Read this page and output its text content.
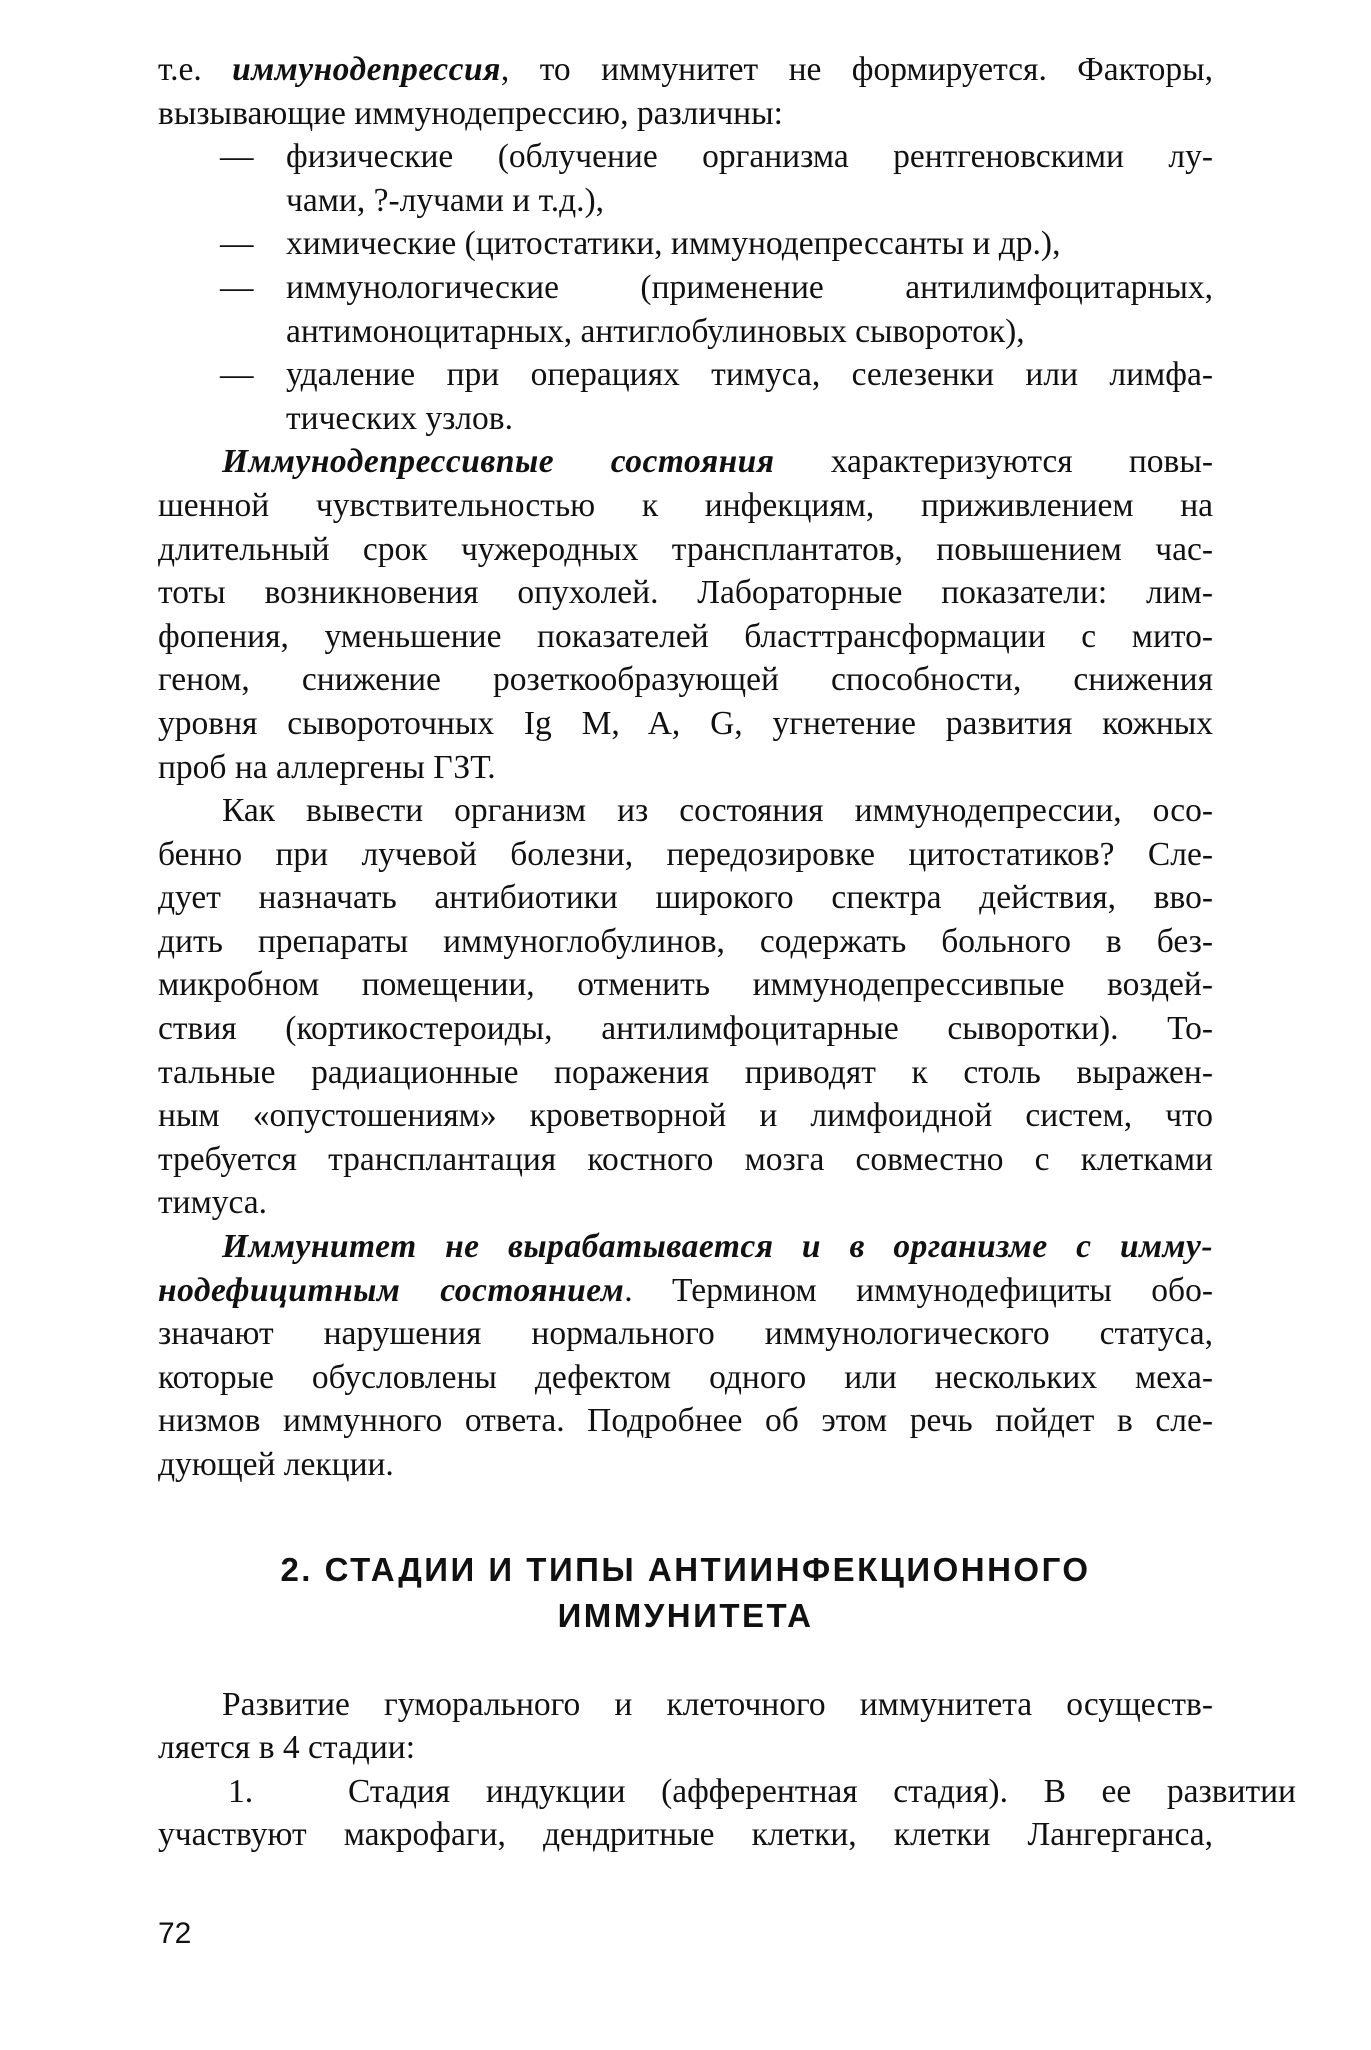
т.е. иммунодепрессия, то иммунитет не формируется. Факторы,
вызывающие иммунодепрессию, различны:
— физические (облучение организма рентгеновскими лу-
чами, ?-лучами и т.д.),
— химические (цитостатики, иммунодепрессанты и др.),
— иммунологические (применение антилимфоцитарных,
антимоноцитарных, антиглобулиновых сывороток),
— удаление при операциях тимуса, селезенки или лимфа-
тических узлов.
Иммунодепрессивпые состояния характеризуются повы-
шенной чувствительностью к инфекциям, приживлением на
длительный срок чужеродных трансплантатов, повышением час-
тоты возникновения опухолей. Лабораторные показатели: лим-
фопения, уменьшение показателей бласттрансформации с мито-
геном, снижение розеткообразующей способности, снижения
уровня сывороточных Ig M, A, G, угнетение развития кожных
проб на аллергены ГЗТ.
Как вывести организм из состояния иммунодепрессии, осо-
бенно при лучевой болезни, передозировке цитостатиков? Сле-
дует назначать антибиотики широкого спектра действия, вво-
дить препараты иммуноглобулинов, содержать больного в без-
микробном помещении, отменить иммунодепрессивпые воздей-
ствия (кортикостероиды, антилимфоцитарные сыворотки). То-
тальные радиационные поражения приводят к столь выражен-
ным «опустошениям» кроветворной и лимфоидной систем, что
требуется трансплантация костного мозга совместно с клетками
тимуса.
Иммунитет не вырабатывается и в организме с имму-
нодефицитным состоянием. Термином иммунодефициты обо-
значают нарушения нормального иммунологического статуса,
которые обусловлены дефектом одного или нескольких меха-
низмов иммунного ответа. Подробнее об этом речь пойдет в сле-
дующей лекции.
2. СТАДИИ И ТИПЫ АНТИИНФЕКЦИОННОГО
ИММУНИТЕТА
Развитие гуморального и клеточного иммунитета осуществ-
ляется в 4 стадии:
1.	Стадия индукции (афферентная стадия). В ее развитии
участвуют макрофаги, дендритные клетки, клетки Лангерганса,
72
